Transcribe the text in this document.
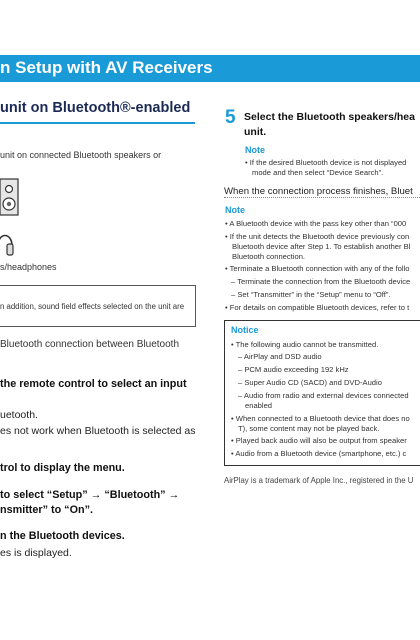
n Setup with AV Receivers
unit on Bluetooth®-enabled
unit on connected Bluetooth speakers or
s/headphones
n addition, sound field effects selected on the unit are
Bluetooth connection between Bluetooth
the remote control to select an input
uetooth.
es not work when Bluetooth is selected as
trol to display the menu.
to select “Setup” → “Bluetooth” →
nsmitter” to “On”.
n the Bluetooth devices.
es is displayed.
5 Select the Bluetooth speakers/hea
unit.
Note
• If the desired Bluetooth device is not displayed
mode and then select “Device Search”.
When the connection process finishes, Bluet
Note
• A Bluetooth device with the pass key other than “000
• If the unit detects the Bluetooth device previously con
Bluetooth device after Step 1. To establish another Bl
Bluetooth connection.
• Terminate a Bluetooth connection with any of the follo
– Terminate the connection from the Bluetooth device
– Set “Transmitter” in the “Setup” menu to “Off”.
• For details on compatible Bluetooth devices, refer to t
Notice
• The following audio cannot be transmitted.
– AirPlay and DSD audio
– PCM audio exceeding 192 kHz
– Super Audio CD (SACD) and DVD-Audio
– Audio from radio and external devices connected
enabled
• When connected to a Bluetooth device that does no
T), some content may not be played back.
• Played back audio will also be output from speaker
• Audio from a Bluetooth device (smartphone, etc.) c
AirPlay is a trademark of Apple Inc., registered in the U
